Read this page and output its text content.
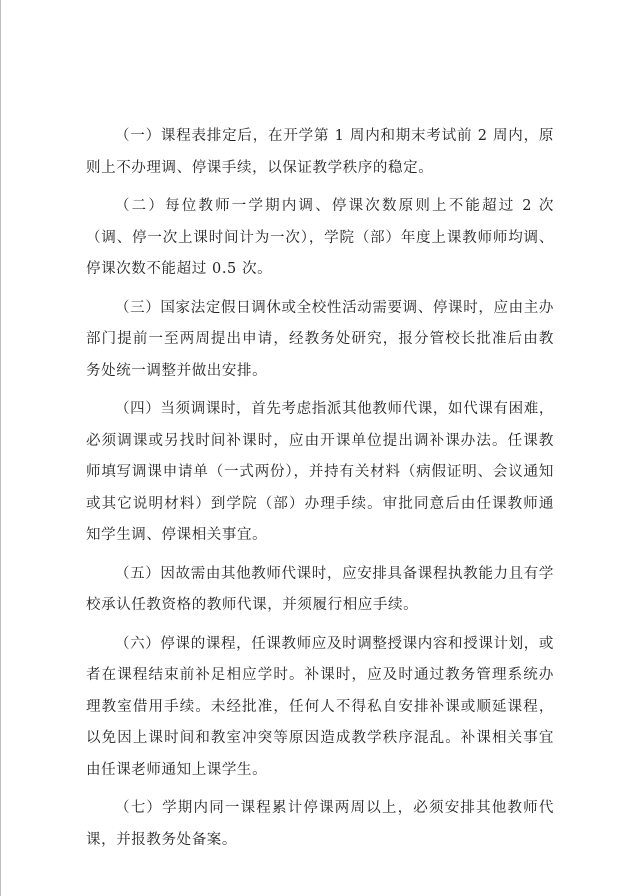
（一）课程表排定后，在开学第 1 周内和期末考试前 2 周内，原则上不办理调、停课手续，以保证教学秩序的稳定。

（二）每位教师一学期内调、停课次数原则上不能超过 2 次（调、停一次上课时间计为一次），学院（部）年度上课教师师均调、停课次数不能超过 0.5 次。

（三）国家法定假日调休或全校性活动需要调、停课时，应由主办部门提前一至两周提出申请，经教务处研究，报分管校长批准后由教务处统一调整并做出安排。

（四）当须调课时，首先考虑指派其他教师代课，如代课有困难，必须调课或另找时间补课时，应由开课单位提出调补课办法。任课教师填写调课申请单（一式两份），并持有关材料（病假证明、会议通知或其它说明材料）到学院（部）办理手续。审批同意后由任课教师通知学生调、停课相关事宜。

（五）因故需由其他教师代课时，应安排具备课程执教能力且有学校承认任教资格的教师代课，并须履行相应手续。

（六）停课的课程，任课教师应及时调整授课内容和授课计划，或者在课程结束前补足相应学时。补课时，应及时通过教务管理系统办理教室借用手续。未经批准，任何人不得私自安排补课或顺延课程，以免因上课时间和教室冲突等原因造成教学秩序混乱。补课相关事宜由任课老师通知上课学生。

（七）学期内同一课程累计停课两周以上，必须安排其他教师代课，并报教务处备案。
